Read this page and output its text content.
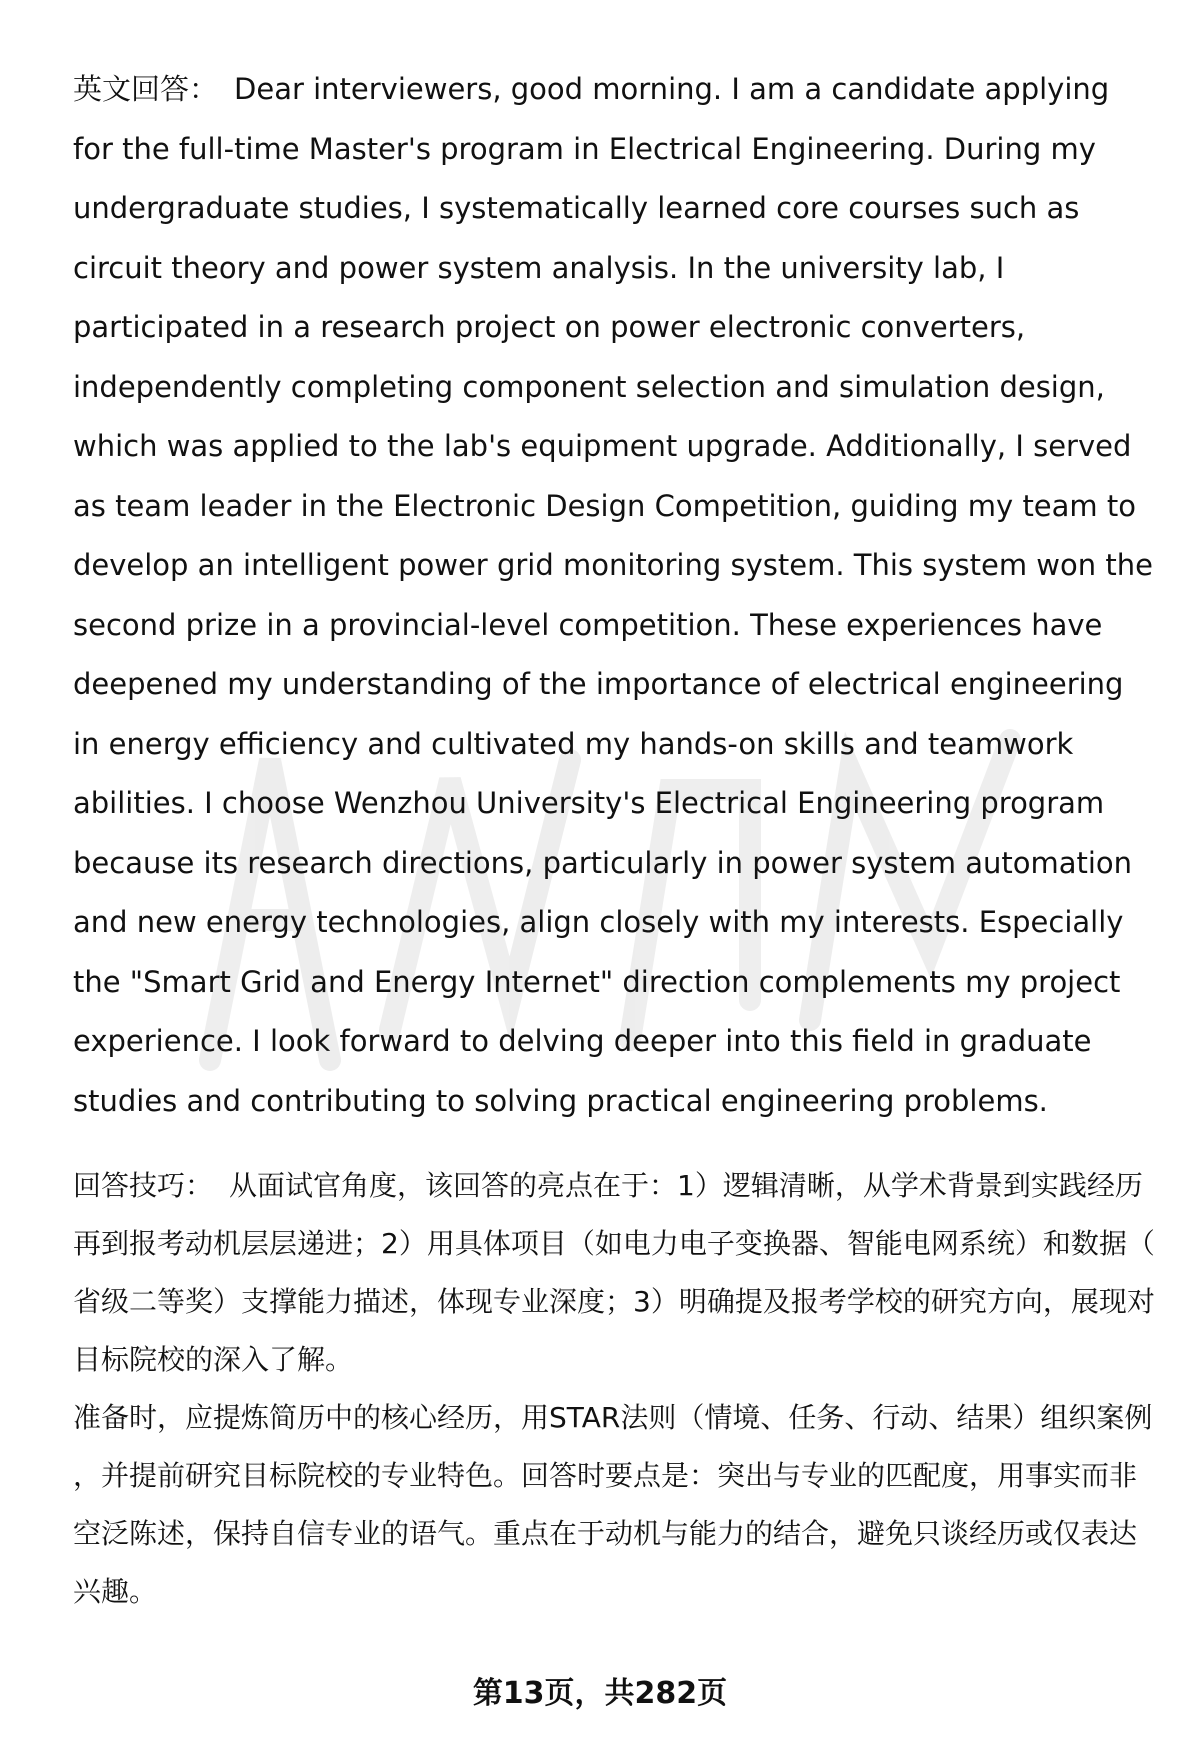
英文回答： Dear interviewers, good morning. I am a candidate applying for the full-time Master's program in Electrical Engineering. During my undergraduate studies, I systematically learned core courses such as circuit theory and power system analysis. In the university lab, I participated in a research project on power electronic converters, independently completing component selection and simulation design, which was applied to the lab's equipment upgrade. Additionally, I served as team leader in the Electronic Design Competition, guiding my team to develop an intelligent power grid monitoring system. This system won the second prize in a provincial-level competition. These experiences have deepened my understanding of the importance of electrical engineering in energy efficiency and cultivated my hands-on skills and teamwork abilities. I choose Wenzhou University's Electrical Engineering program because its research directions, particularly in power system automation and new energy technologies, align closely with my interests. Especially the "Smart Grid and Energy Internet" direction complements my project experience. I look forward to delving deeper into this field in graduate studies and contributing to solving practical engineering problems.

回答技巧： 从面试官角度，该回答的亮点在于：1）逻辑清晰，从学术背景到实践经历再到报考动机层层递进；2）用具体项目（如电力电子变换器、智能电网系统）和数据（省级二等奖）支撑能力描述，体现专业深度；3）明确提及报考学校的研究方向，展现对目标院校的深入了解。

准备时，应提炼简历中的核心经历，用STAR法则（情境、任务、行动、结果）组织案例，并提前研究目标院校的专业特色。回答时要点是：突出与专业的匹配度，用事实而非空泛陈述，保持自信专业的语气。重点在于动机与能力的结合，避免只谈经历或仅表达兴趣。

第13页，共282页
